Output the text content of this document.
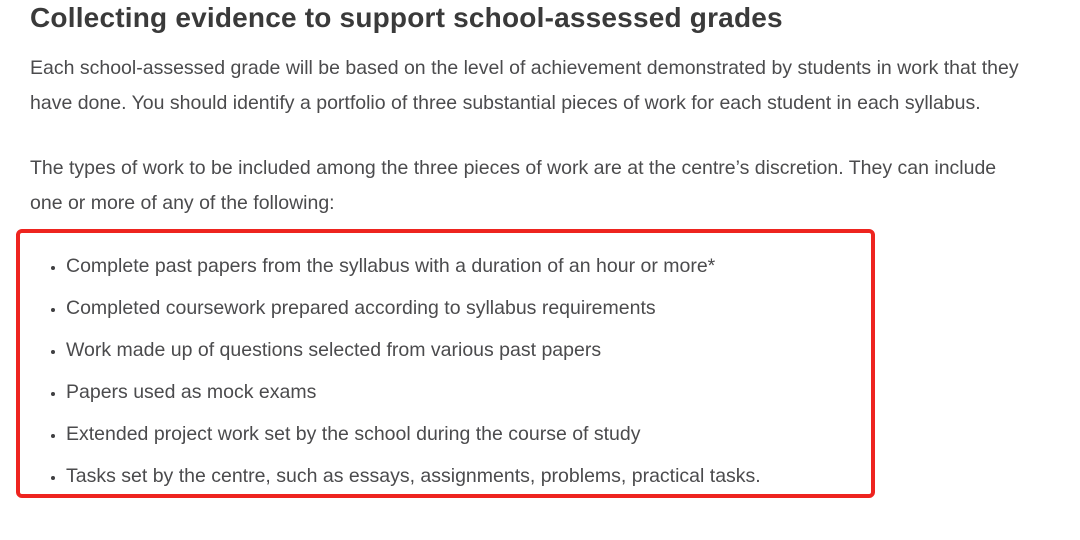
Collecting evidence to support school-assessed grades

Each school-assessed grade will be based on the level of achievement demonstrated by students in work that they have done. You should identify a portfolio of three substantial pieces of work for each student in each syllabus.

The types of work to be included among the three pieces of work are at the centre’s discretion. They can include one or more of any of the following:

• Complete past papers from the syllabus with a duration of an hour or more*
• Completed coursework prepared according to syllabus requirements
• Work made up of questions selected from various past papers
• Papers used as mock exams
• Extended project work set by the school during the course of study
• Tasks set by the centre, such as essays, assignments, problems, practical tasks.
